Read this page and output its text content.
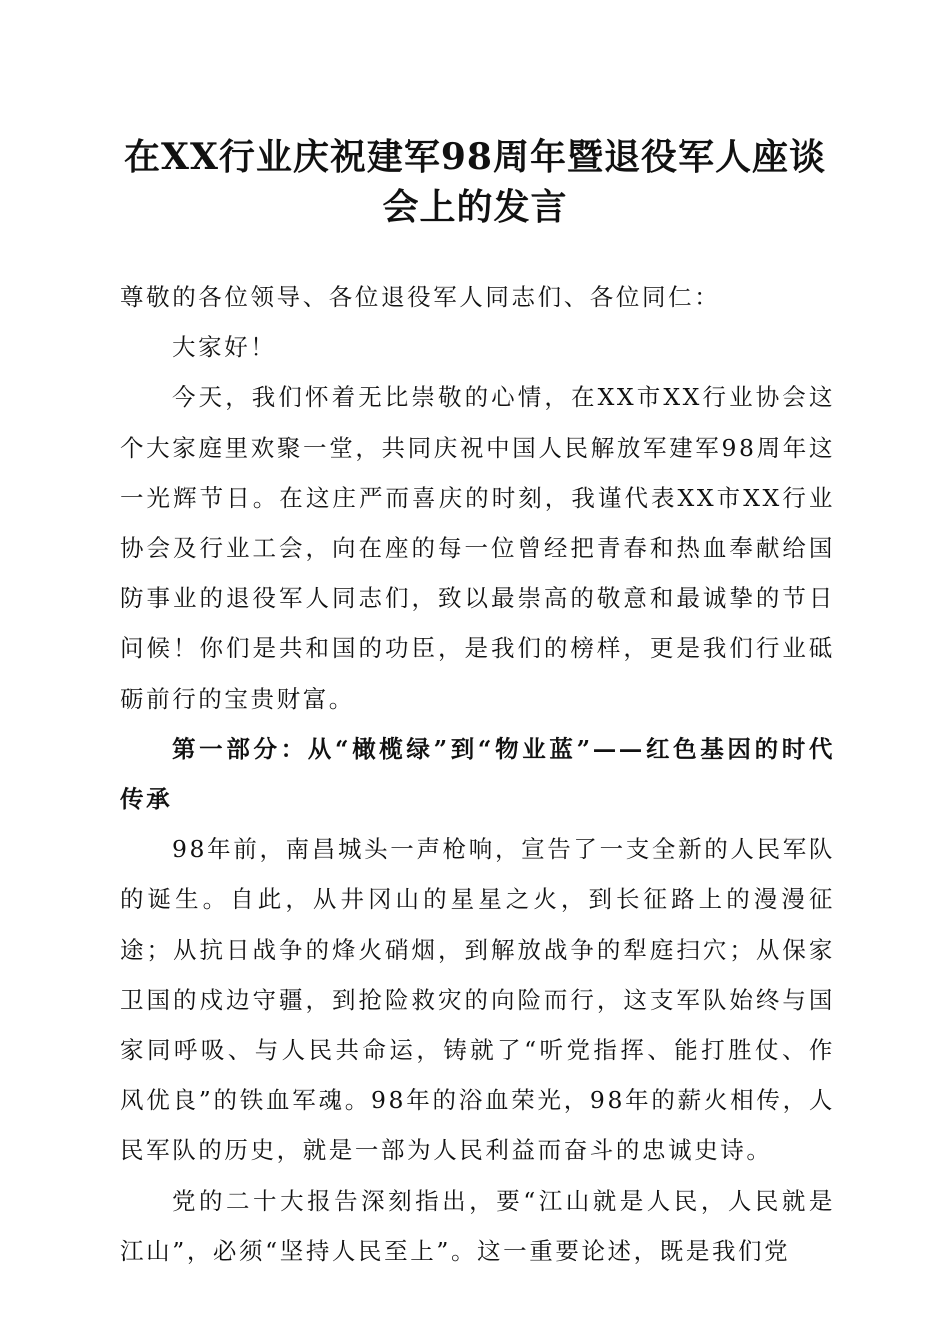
在XX行业庆祝建军98周年暨退役军人座谈会上的发言

尊敬的各位领导、各位退役军人同志们、各位同仁：

大家好！

今天，我们怀着无比崇敬的心情，在XX市XX行业协会这个大家庭里欢聚一堂，共同庆祝中国人民解放军建军98周年这一光辉节日。在这庄严而喜庆的时刻，我谨代表XX市XX行业协会及行业工会，向在座的每一位曾经把青春和热血奉献给国防事业的退役军人同志们，致以最崇高的敬意和最诚挚的节日问候！你们是共和国的功臣，是我们的榜样，更是我们行业砥砺前行的宝贵财富。

第一部分：从“橄榄绿”到“物业蓝”——红色基因的时代传承

98年前，南昌城头一声枪响，宣告了一支全新的人民军队的诞生。自此，从井冈山的星星之火，到长征路上的漫漫征途；从抗日战争的烽火硝烟，到解放战争的犁庭扫穴；从保家卫国的戍边守疆，到抢险救灾的向险而行，这支军队始终与国家同呼吸、与人民共命运，铸就了“听党指挥、能打胜仗、作风优良”的铁血军魂。98年的浴血荣光，98年的薪火相传，人民军队的历史，就是一部为人民利益而奋斗的忠诚史诗。

党的二十大报告深刻指出，要“江山就是人民，人民就是江山”，必须“坚持人民至上”。这一重要论述，既是我们党
